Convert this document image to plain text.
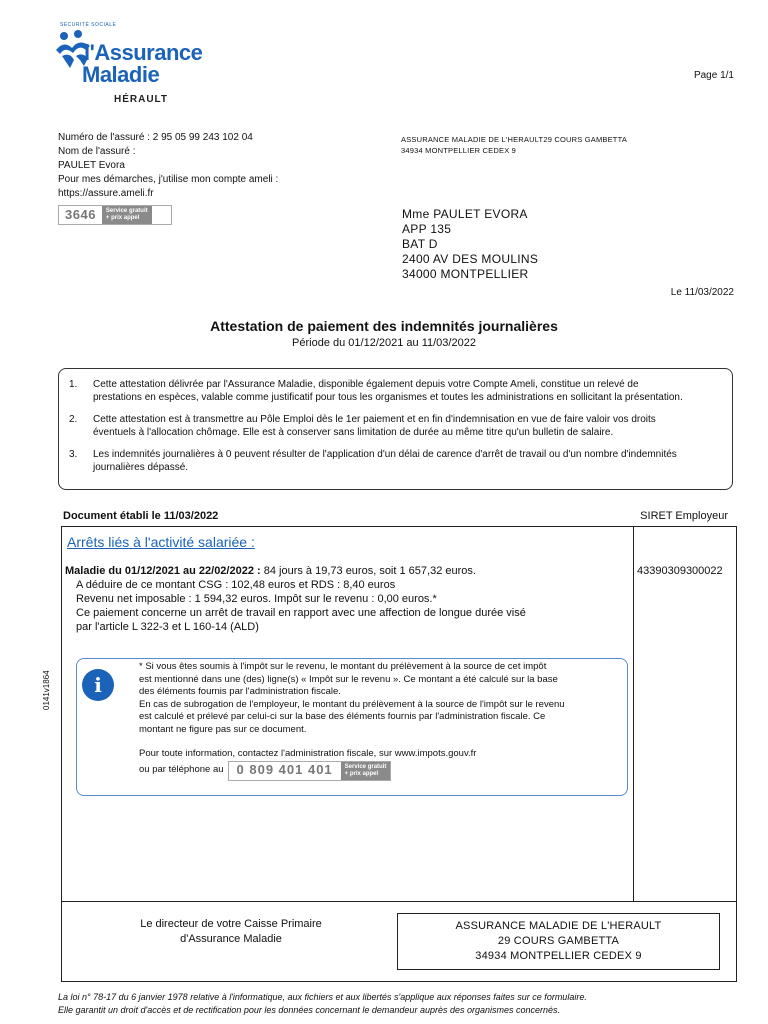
SÉCURITÉ SOCIALE
l'Assurance
Maladie
HÉRAULT
Page 1/1
Numéro de l'assuré : 2 95 05 99 243 102 04
Nom de l'assuré :
PAULET Evora
Pour mes démarches, j'utilise mon compte ameli :
https://assure.ameli.fr
3646	Service gratuit
+ prix appel
ASSURANCE MALADIE DE L'HERAULT29 COURS GAMBETTA
34934 MONTPELLIER CEDEX 9
Mme PAULET EVORA
APP 135
BAT D
2400 AV DES MOULINS
34000 MONTPELLIER
Le 11/03/2022
Attestation de paiement des indemnités journalières
Période du 01/12/2021 au 11/03/2022
1.	Cette attestation délivrée par l'Assurance Maladie, disponible également depuis votre Compte Ameli, constitue un relevé de
prestations en espèces, valable comme justificatif pour tous les organismes et toutes les administrations en sollicitant la présentation.
2.	Cette attestation est à transmettre au Pôle Emploi dès le 1er paiement et en fin d'indemnisation en vue de faire valoir vos droits
éventuels à l'allocation chômage. Elle est à conserver sans limitation de durée au même titre qu'un bulletin de salaire.
3.	Les indemnités journalières à 0 peuvent résulter de l'application d'un délai de carence d'arrêt de travail ou d'un nombre d'indemnités
journalières dépassé.
Document établi le 11/03/2022	SIRET Employeur
Arrêts liés à l'activité salariée :
43390309300022
Maladie du 01/12/2021 au 22/02/2022 : 84 jours à 19,73 euros, soit 1 657,32 euros.
A déduire de ce montant CSG : 102,48 euros et RDS : 8,40 euros
Revenu net imposable : 1 594,32 euros. Impôt sur le revenu : 0,00 euros.*
Ce paiement concerne un arrêt de travail en rapport avec une affection de longue durée visé
par l'article L 322-3 et L 160-14 (ALD)
0141v1864	i

* Si vous êtes soumis à l'impôt sur le revenu, le montant du prélèvement à la source de cet impôt
est mentionné dans une (des) ligne(s) « Impôt sur le revenu ». Ce montant a été calculé sur la base
des éléments fournis par l'administration fiscale.
En cas de subrogation de l'employeur, le montant du prélèvement à la source de l'impôt sur le revenu
est calculé et prélevé par celui-ci sur la base des éléments fournis par l'administration fiscale. Ce
montant ne figure pas sur ce document.

Pour toute information, contactez l'administration fiscale, sur www.impots.gouv.fr

ou par téléphone au	0 809 401 401	Service gratuit
+ prix appel
Le directeur de votre Caisse Primaire
d'Assurance Maladie
ASSURANCE MALADIE DE L'HERAULT
29 COURS GAMBETTA
34934 MONTPELLIER CEDEX 9
La loi n° 78-17 du 6 janvier 1978 relative à l'informatique, aux fichiers et aux libertés s'applique aux réponses faites sur ce formulaire.
Elle garantit un droit d'accès et de rectification pour les données concernant le demandeur auprès des organismes concernés.
